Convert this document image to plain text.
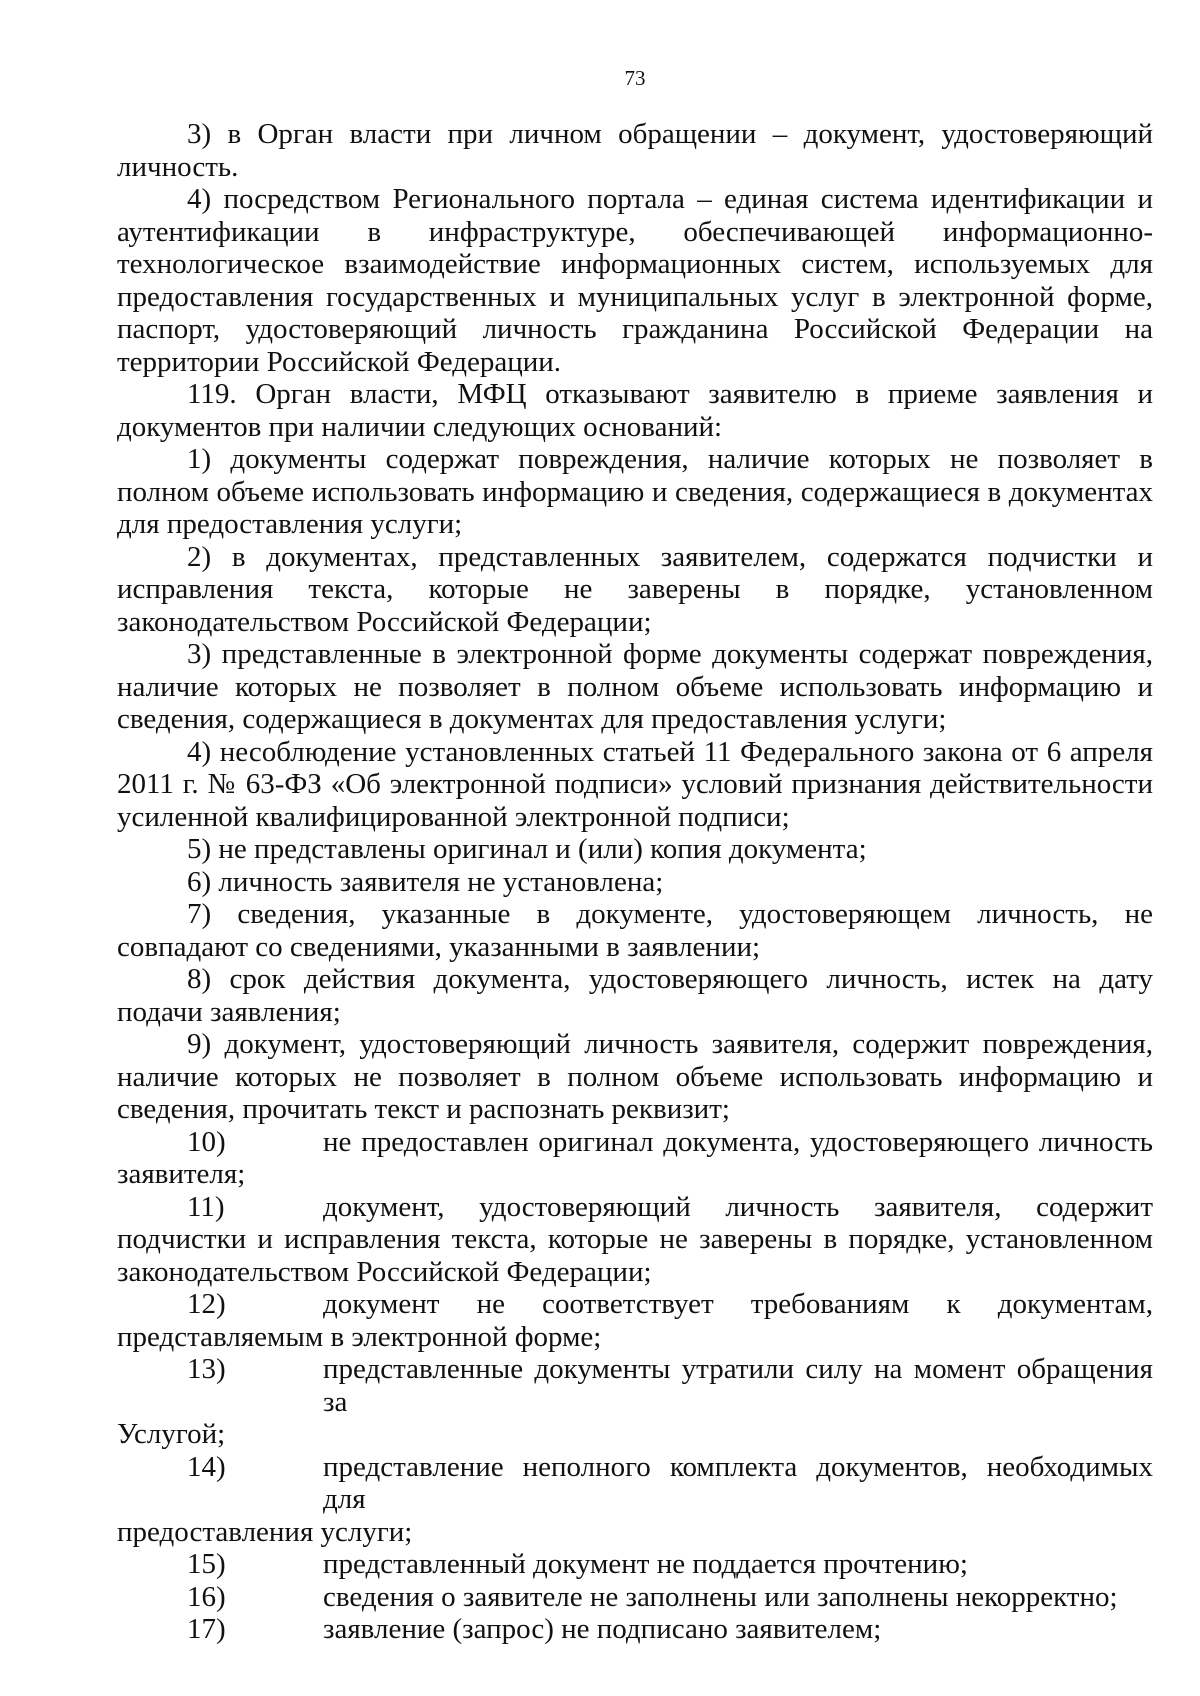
73

3) в Орган власти при личном обращении – документ, удостоверяющий личность.

4) посредством Регионального портала – единая система идентификации и аутентификации в инфраструктуре, обеспечивающей информационно-технологическое взаимодействие информационных систем, используемых для предоставления государственных и муниципальных услуг в электронной форме, паспорт, удостоверяющий личность гражданина Российской Федерации на территории Российской Федерации.

119. Орган власти, МФЦ отказывают заявителю в приеме заявления и документов при наличии следующих оснований:

1) документы содержат повреждения, наличие которых не позволяет в полном объеме использовать информацию и сведения, содержащиеся в документах для предоставления услуги;

2) в документах, представленных заявителем, содержатся подчистки и исправления текста, которые не заверены в порядке, установленном законодательством Российской Федерации;

3) представленные в электронной форме документы содержат повреждения, наличие которых не позволяет в полном объеме использовать информацию и сведения, содержащиеся в документах для предоставления услуги;

4) несоблюдение установленных статьей 11 Федерального закона от 6 апреля 2011 г. № 63-ФЗ «Об электронной подписи» условий признания действительности усиленной квалифицированной электронной подписи;

5) не представлены оригинал и (или) копия документа;

6) личность заявителя не установлена;

7) сведения, указанные в документе, удостоверяющем личность, не совпадают со сведениями, указанными в заявлении;

8) срок действия документа, удостоверяющего личность, истек на дату подачи заявления;

9) документ, удостоверяющий личность заявителя, содержит повреждения, наличие которых не позволяет в полном объеме использовать информацию и сведения, прочитать текст и распознать реквизит;

10)	не предоставлен оригинал документа, удостоверяющего личность
заявителя;
11)	документ, удостоверяющий личность заявителя, содержит
подчистки и исправления текста, которые не заверены в порядке, установленном законодательством Российской Федерации;
12)	документ не соответствует требованиям к документам,
представляемым в электронной форме;
13)	представленные документы утратили силу на момент обращения за
Услугой;
14)	представление неполного комплекта документов, необходимых для
предоставления услуги;
15)	представленный документ не поддается прочтению;
16)	сведения о заявителе не заполнены или заполнены некорректно;
17)	заявление (запрос) не подписано заявителем;
